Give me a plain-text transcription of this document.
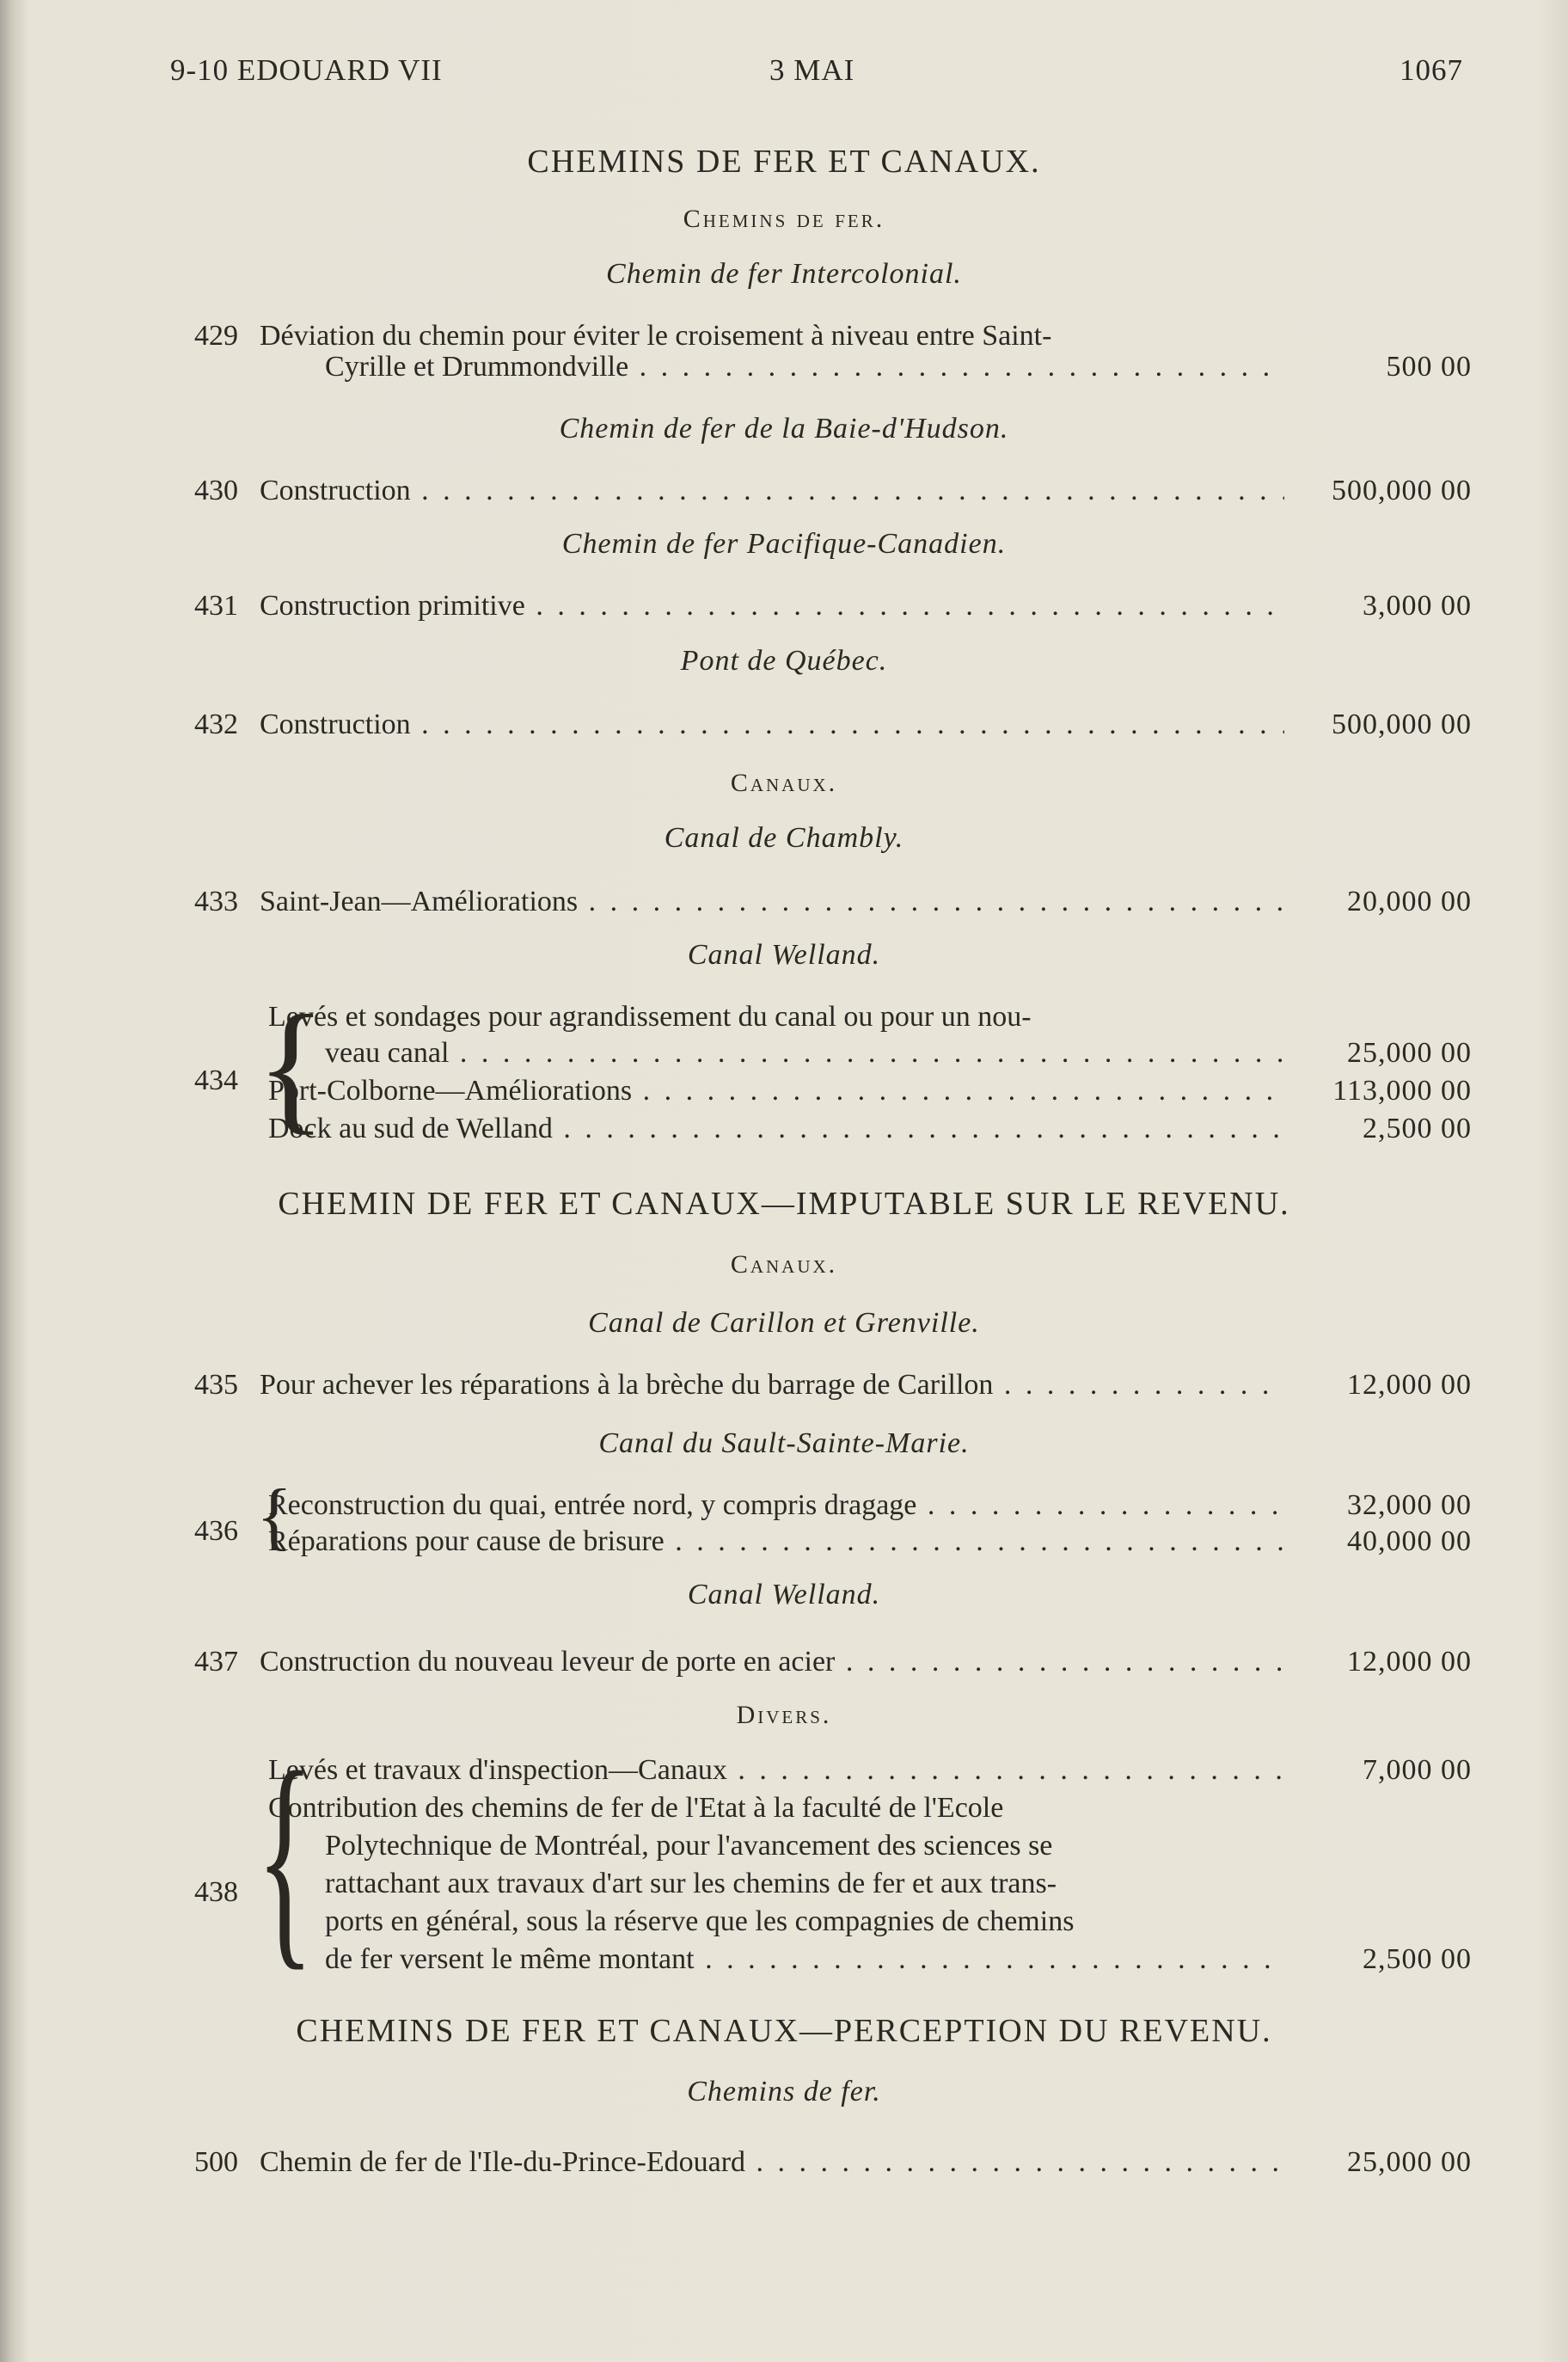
9-10 EDOUARD VII	3 MAI	1067
CHEMINS DE FER ET CANAUX.
Chemins de fer.
Chemin de fer Intercolonial.
429 Déviation du chemin pour éviter le croisement à niveau entre Saint-
Cyrille et Drummondville . . .	500 00
Chemin de fer de la Baie-d'Hudson.
430 Construction . . .	500,000 00
Chemin de fer Pacifique-Canadien.
431 Construction primitive . . .	3,000 00
Pont de Québec.
432 Construction . . .	500,000 00
Canaux.
Canal de Chambly.
433 Saint-Jean—Améliorations . . .	20,000 00
Canal Welland.
434 {
Levés et sondages pour agrandissement du canal ou pour un nou-
veau canal . . .	25,000 00
Port-Colborne—Améliorations . . .	113,000 00
Dock au sud de Welland . . .	2,500 00
CHEMIN DE FER ET CANAUX—IMPUTABLE SUR LE REVENU.
Canaux.
Canal de Carillon et Grenville.
435 Pour achever les réparations à la brèche du barrage de Carillon . . .	12,000 00
Canal du Sault-Sainte-Marie.
436 {
Reconstruction du quai, entrée nord, y compris dragage . . .	32,000 00
Réparations pour cause de brisure . . .	40,000 00
Canal Welland.
437 Construction du nouveau leveur de porte en acier . . .	12,000 00
Divers.
438 {
Levés et travaux d'inspection—Canaux . . .	7,000 00
Contribution des chemins de fer de l'Etat à la faculté de l'Ecole
Polytechnique de Montréal, pour l'avancement des sciences se
rattachant aux travaux d'art sur les chemins de fer et aux trans-
ports en général, sous la réserve que les compagnies de chemins
de fer versent le même montant . . .	2,500 00
CHEMINS DE FER ET CANAUX—PERCEPTION DU REVENU.
Chemins de fer.
500 Chemin de fer de l'Ile-du-Prince-Edouard . . .	25,000 00
